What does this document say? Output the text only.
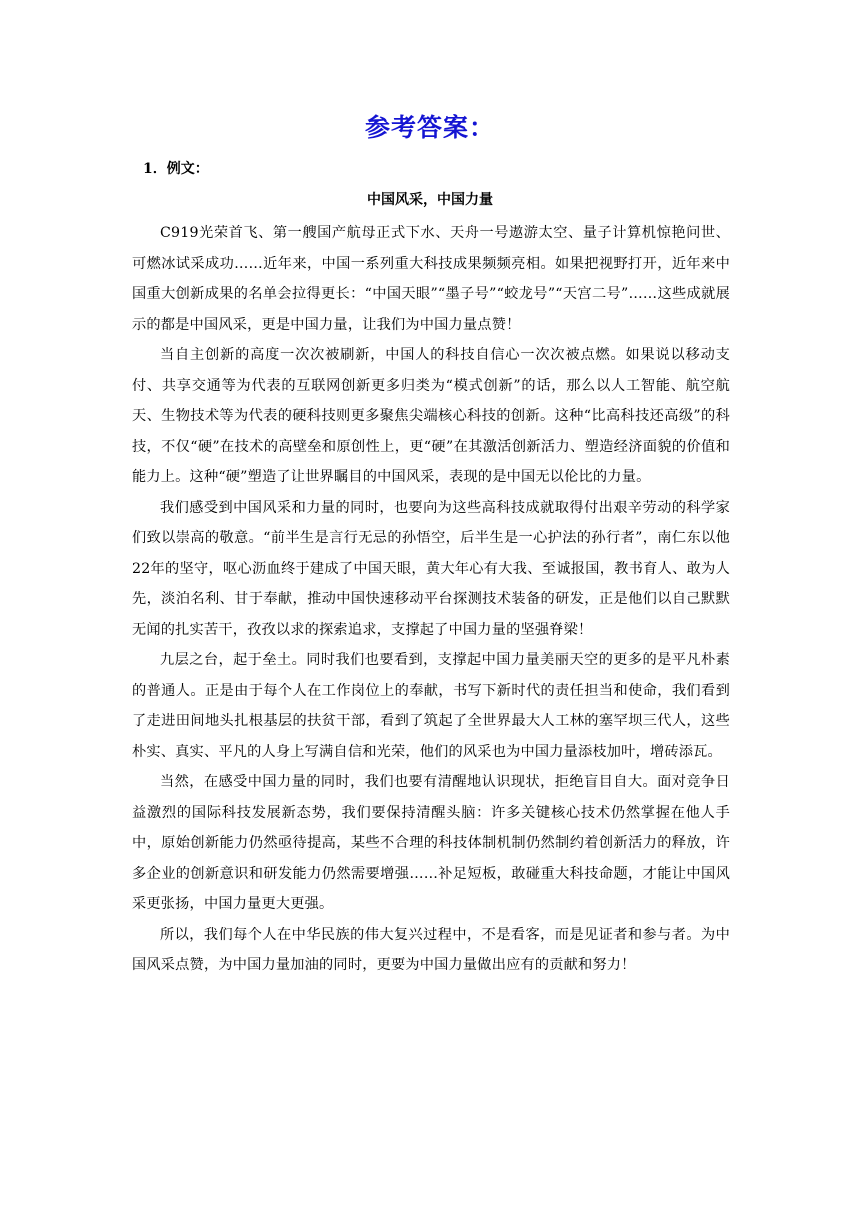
参考答案：
1．例文：
中国风采，中国力量

C919光荣首飞、第一艘国产航母正式下水、天舟一号遨游太空、量子计算机惊艳问世、可燃冰试采成功……近年来，中国一系列重大科技成果频频亮相。如果把视野打开，近年来中国重大创新成果的名单会拉得更长：“中国天眼”“墨子号”“蛟龙号”“天宫二号”……这些成就展示的都是中国风采，更是中国力量，让我们为中国力量点赞！

当自主创新的高度一次次被刷新，中国人的科技自信心一次次被点燃。如果说以移动支付、共享交通等为代表的互联网创新更多归类为“模式创新”的话，那么以人工智能、航空航天、生物技术等为代表的硬科技则更多聚焦尖端核心科技的创新。这种“比高科技还高级”的科技，不仅“硬”在技术的高壁垒和原创性上，更“硬”在其激活创新活力、塑造经济面貌的价值和能力上。这种“硬”塑造了让世界瞩目的中国风采，表现的是中国无以伦比的力量。

我们感受到中国风采和力量的同时，也要向为这些高科技成就取得付出艰辛劳动的科学家们致以崇高的敬意。“前半生是言行无忌的孙悟空，后半生是一心护法的孙行者”，南仁东以他22年的坚守，呕心沥血终于建成了中国天眼，黄大年心有大我、至诚报国，教书育人、敢为人先，淡泊名利、甘于奉献，推动中国快速移动平台探测技术装备的研发，正是他们以自己默默无闻的扎实苦干，孜孜以求的探索追求，支撑起了中国力量的坚强脊梁！

九层之台，起于垒土。同时我们也要看到，支撑起中国力量美丽天空的更多的是平凡朴素的普通人。正是由于每个人在工作岗位上的奉献，书写下新时代的责任担当和使命，我们看到了走进田间地头扎根基层的扶贫干部，看到了筑起了全世界最大人工林的塞罕坝三代人，这些朴实、真实、平凡的人身上写满自信和光荣，他们的风采也为中国力量添枝加叶，增砖添瓦。

当然，在感受中国力量的同时，我们也要有清醒地认识现状，拒绝盲目自大。面对竞争日益激烈的国际科技发展新态势，我们要保持清醒头脑：许多关键核心技术仍然掌握在他人手中，原始创新能力仍然亟待提高，某些不合理的科技体制机制仍然制约着创新活力的释放，许多企业的创新意识和研发能力仍然需要增强……补足短板，敢碰重大科技命题，才能让中国风采更张扬，中国力量更大更强。

所以，我们每个人在中华民族的伟大复兴过程中，不是看客，而是见证者和参与者。为中国风采点赞，为中国力量加油的同时，更要为中国力量做出应有的贡献和努力！
